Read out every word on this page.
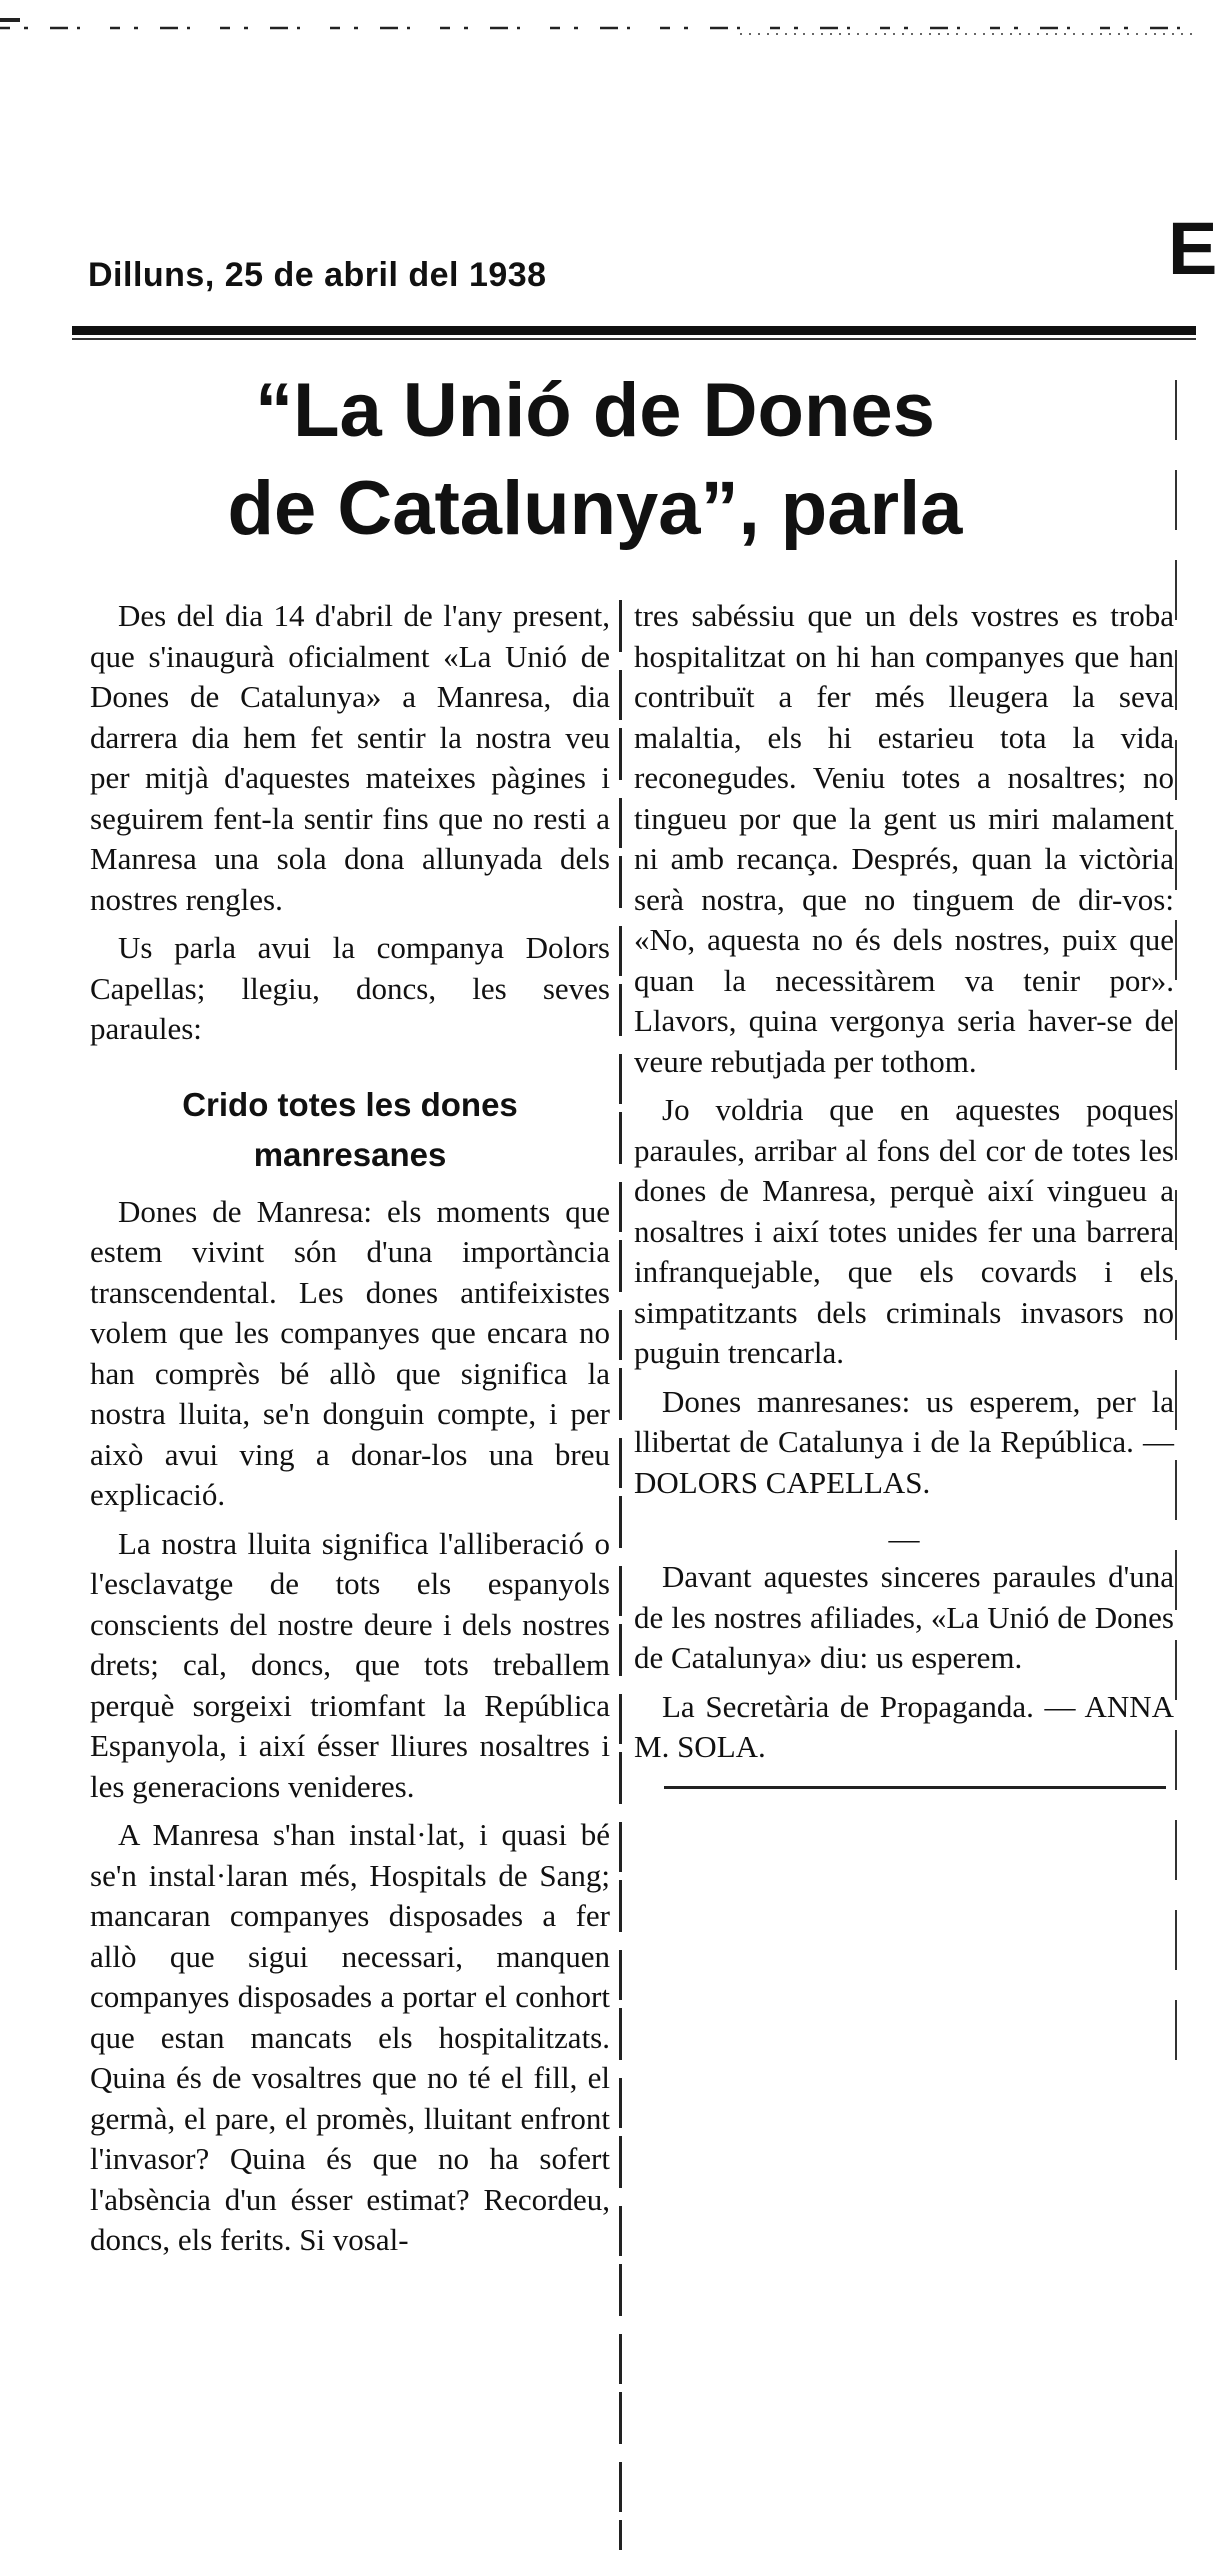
Dilluns, 25 de abril del 1938	E
“La Unió de Dones
de Catalunya”, parla

Des del dia 14 d'abril de l'any present, que s'inaugurà oficialment «La Unió de Dones de Catalunya» a Manresa, dia darrera dia hem fet sentir la nostra veu per mitjà d'aquestes mateixes pàgines i seguirem fent-la sentir fins que no resti a Manresa una sola dona allunyada dels nostres rengles.

Us parla avui la companya Dolors Capellas; llegiu, doncs, les seves paraules:

Crido totes les dones manresanes

Dones de Manresa: els moments que estem vivint són d'una importància transcendental. Les dones antifeixistes volem que les companyes que encara no han comprès bé allò que significa la nostra lluita, se'n donguin compte, i per això avui ving a donar-los una breu explicació.

La nostra lluita significa l'alliberació o l'esclavatge de tots els espanyols conscients del nostre deure i dels nostres drets; cal, doncs, que tots treballem perquè sorgeixi triomfant la República Espanyola, i així ésser lliures nosaltres i les generacions venideres.

A Manresa s'han instal·lat, i quasi bé se'n instal·laran més, Hospitals de Sang; mancaran companyes disposades a fer allò que sigui necessari, manquen companyes disposades a portar el conhort que estan mancats els hospitalitzats. Quina és de vosaltres que no té el fill, el germà, el pare, el promès, lluitant enfront l'invasor? Quina és que no ha sofert l'absència d'un ésser estimat? Recordeu, doncs, els ferits. Si vosal-

tres sabéssiu que un dels vostres es troba hospitalitzat on hi han companyes que han contribuït a fer més lleugera la seva malaltia, els hi estarieu tota la vida reconegudes. Veniu totes a nosaltres; no tingueu por que la gent us miri malament ni amb recança. Després, quan la victòria serà nostra, que no tinguem de dir-vos: «No, aquesta no és dels nostres, puix que quan la necessitàrem va tenir por». Llavors, quina vergonya seria haver-se de veure rebutjada per tothom.

Jo voldria que en aquestes poques paraules, arribar al fons del cor de totes les dones de Manresa, perquè així vingueu a nosaltres i així totes unides fer una barrera infranquejable, que els covards i els simpatitzants dels criminals invasors no puguin trencarla.

Dones manresanes: us esperem, per la llibertat de Catalunya i de la República. — DOLORS CAPELLAS.

—

Davant aquestes sinceres paraules d'una de les nostres afiliades, «La Unió de Dones de Catalunya» diu: us esperem.

La Secretària de Propaganda. — ANNA M. SOLA.
